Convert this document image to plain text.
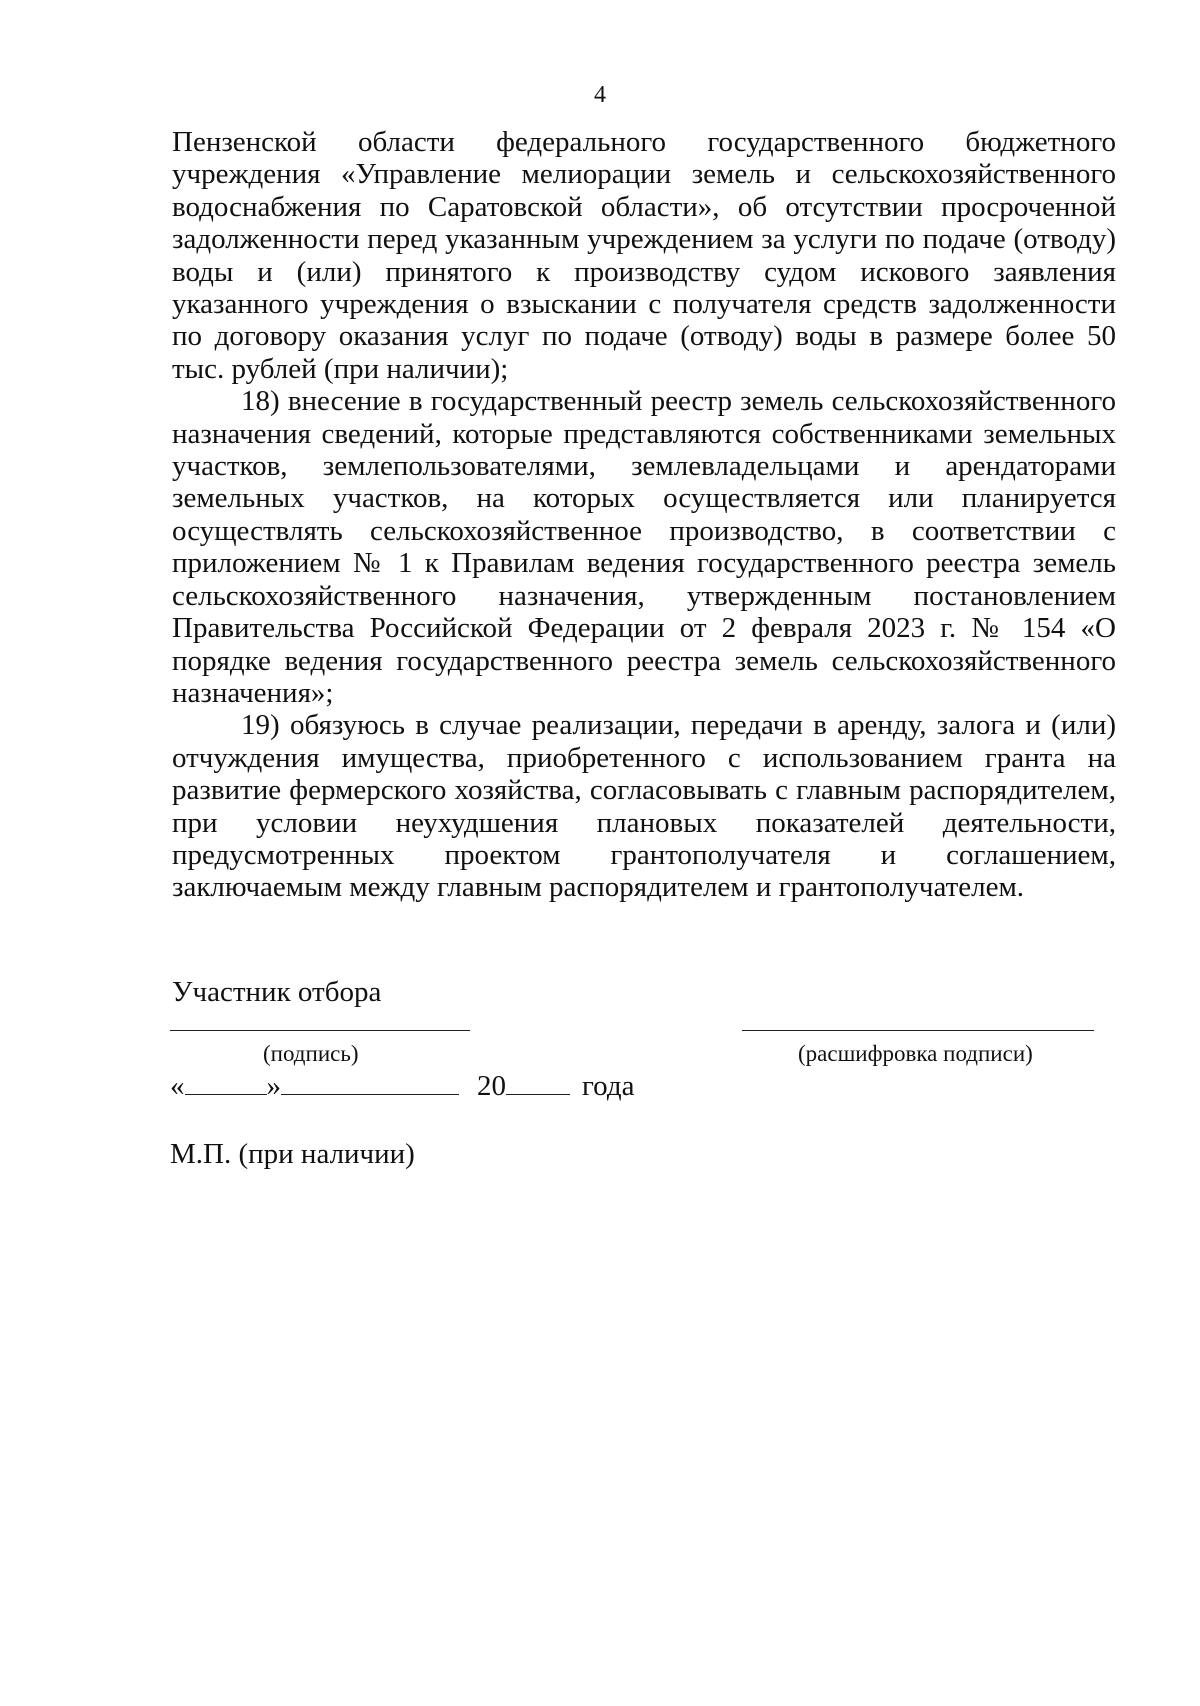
4

Пензенской области федерального государственного бюджетного учреждения «Управление мелиорации земель и сельскохозяйственного водоснабжения по Саратовской области», об отсутствии просроченной задолженности перед указанным учреждением за услуги по подаче (отводу) воды и (или) принятого к производству судом искового заявления указанного учреждения о взыскании с получателя средств задолженности по договору оказания услуг по подаче (отводу) воды в размере более 50 тыс. рублей (при наличии);

18) внесение в государственный реестр земель сельскохозяйственного назначения сведений, которые представляются собственниками земельных участков, землепользователями, землевладельцами и арендаторами земельных участков, на которых осуществляется или планируется осуществлять сельскохозяйственное производство, в соответствии с приложением № 1 к Правилам ведения государственного реестра земель сельскохозяйственного назначения, утвержденным постановлением Правительства Российской Федерации от 2 февраля 2023 г. № 154 «О порядке ведения государственного реестра земель сельскохозяйственного назначения»;

19) обязуюсь в случае реализации, передачи в аренду, залога и (или) отчуждения имущества, приобретенного с использованием гранта на развитие фермерского хозяйства, согласовывать с главным распорядителем, при условии неухудшения плановых показателей деятельности, предусмотренных проектом грантополучателя и соглашением, заключаемым между главным распорядителем и грантополучателем.

Участник отбора
(подпись)	(расшифровка подписи)
«	»	20	года
М.П. (при наличии)
